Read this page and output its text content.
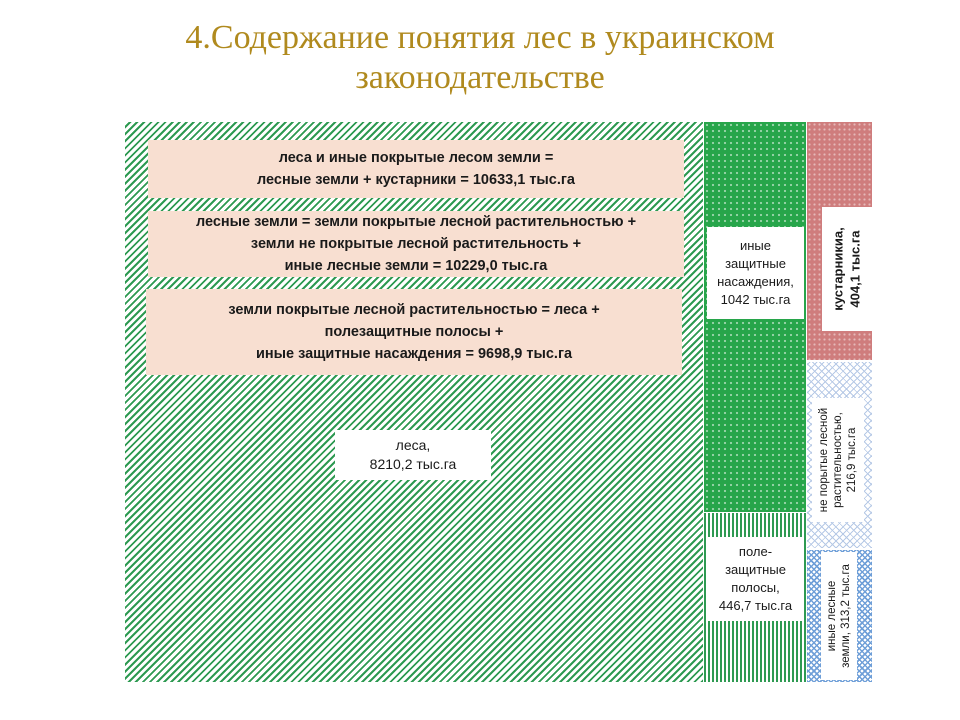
4.Содержание понятия лес в украинском
законодательстве
леса и иные покрытые лесом земли =
лесные земли + кустарники = 10633,1 тыс.га
лесные земли = земли покрытые лесной растительностью +
земли не покрытые лесной растительность +
иные лесные земли = 10229,0 тыс.га
земли покрытые лесной растительностью = леса +
полезащитные полосы +
иные защитные насаждения = 9698,9 тыс.га
леса,
8210,2 тыс.га
иные
защитные
насаждения,
1042 тыс.га
поле-
защитные
полосы,
446,7 тыс.га
кустарникиа, 404,1 тыс.га
не порытые лесной растительностью, 216,9 тыс.га
иные лесные земли, 313,2 тыс.га
